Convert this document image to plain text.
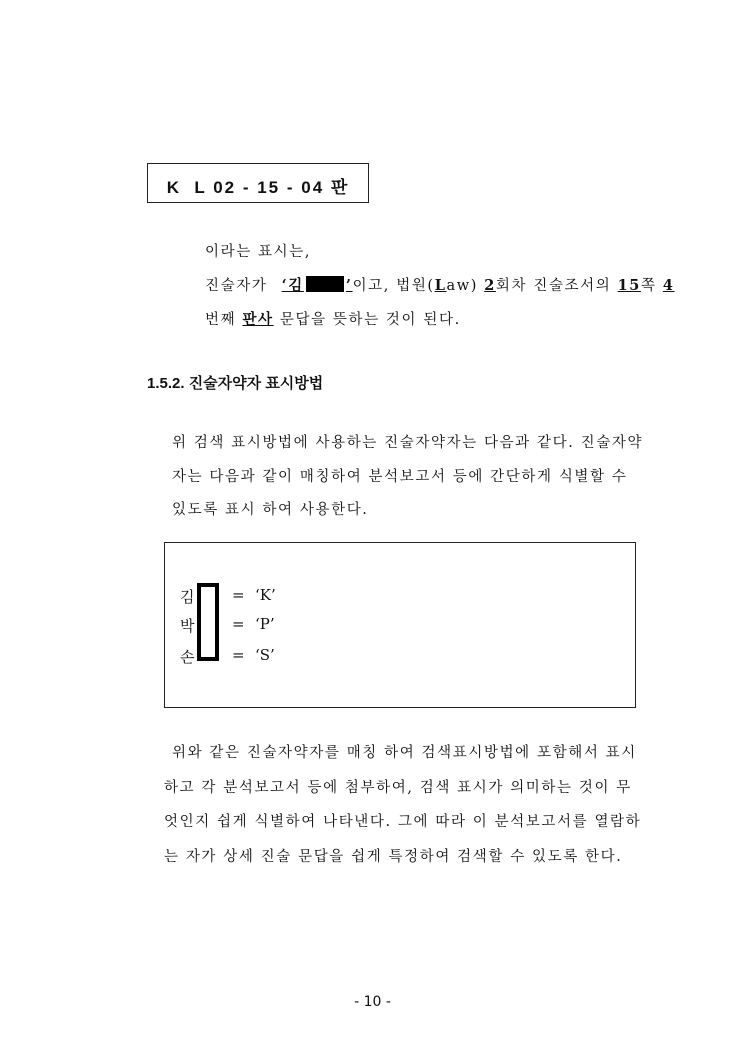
K  L 02 - 15 - 04 판
이라는 표시는,
진술자가 ‘김	’이고, 법원(Law) 2회차 진술조서의 15쪽 4
번째 판사 문답을 뜻하는 것이 된다.
1.5.2. 진술자약자 표시방법
위 검색 표시방법에 사용하는 진술자약자는 다음과 같다. 진술자약
자는 다음과 같이 매칭하여 분석보고서 등에 간단하게 식별할 수
있도록 표시 하여 사용한다.
김
박
손
=
=
=
‘K’
‘P’
‘S’
위와 같은 진술자약자를 매칭 하여 검색표시방법에 포함해서 표시
하고 각 분석보고서 등에 첨부하여, 검색 표시가 의미하는 것이 무
엇인지 쉽게 식별하여 나타낸다. 그에 따라 이 분석보고서를 열람하
는 자가 상세 진술 문답을 쉽게 특정하여 검색할 수 있도록 한다.
- 10 -
